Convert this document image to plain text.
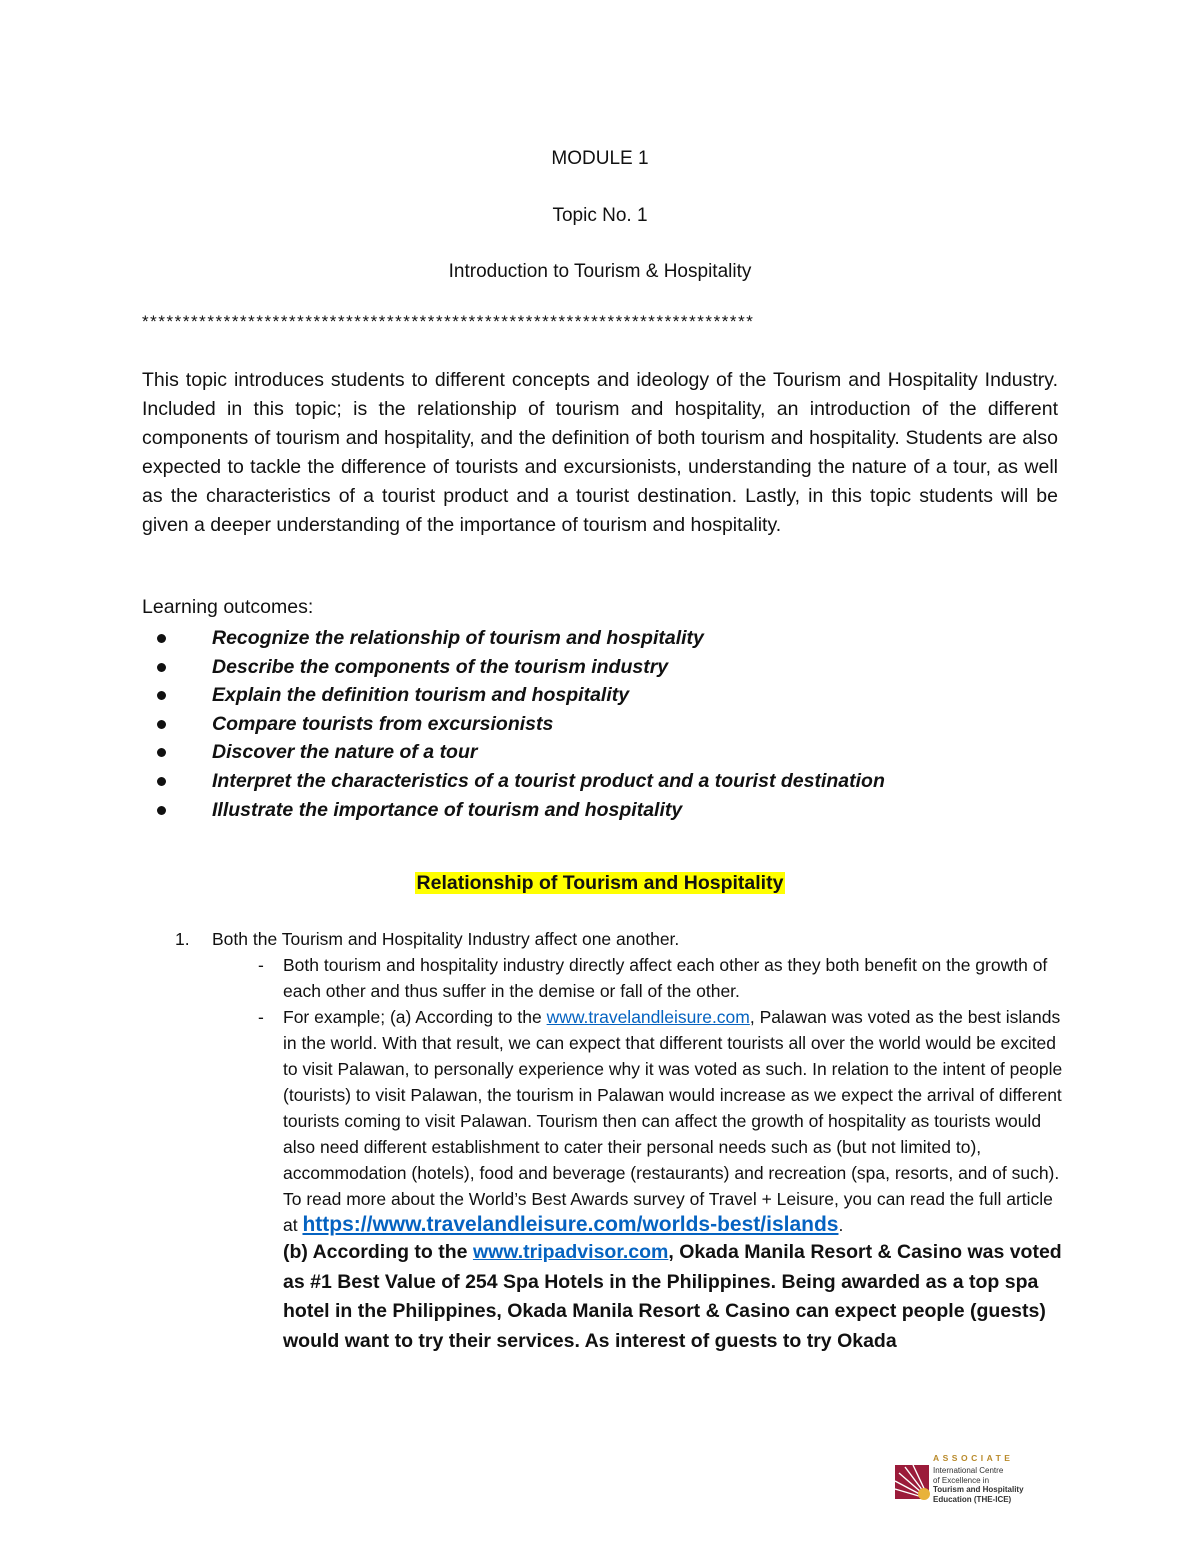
MODULE 1
Topic No. 1
Introduction to Tourism & Hospitality
***************************************************************************
This topic introduces students to different concepts and ideology of the Tourism and Hospitality Industry. Included in this topic; is the relationship of tourism and hospitality, an introduction of the different components of tourism and hospitality, and the definition of both tourism and hospitality. Students are also expected to tackle the difference of tourists and excursionists, understanding the nature of a tour, as well as the characteristics of a tourist product and a tourist destination. Lastly, in this topic students will be given a deeper understanding of the importance of tourism and hospitality.
Learning outcomes:
Recognize the relationship of tourism and hospitality
Describe the components of the tourism industry
Explain the definition tourism and hospitality
Compare tourists from excursionists
Discover the nature of a tour
Interpret the characteristics of a tourist product and a tourist destination
Illustrate the importance of tourism and hospitality
Relationship of Tourism and Hospitality
1. Both the Tourism and Hospitality Industry affect one another.
- Both tourism and hospitality industry directly affect each other as they both benefit on the growth of each other and thus suffer in the demise or fall of the other.
- For example; (a) According to the www.travelandleisure.com, Palawan was voted as the best islands in the world. With that result, we can expect that different tourists all over the world would be excited to visit Palawan, to personally experience why it was voted as such. In relation to the intent of people (tourists) to visit Palawan, the tourism in Palawan would increase as we expect the arrival of different tourists coming to visit Palawan. Tourism then can affect the growth of hospitality as tourists would also need different establishment to cater their personal needs such as (but not limited to), accommodation (hotels), food and beverage (restaurants) and recreation (spa, resorts, and of such). To read more about the World’s Best Awards survey of Travel + Leisure, you can read the full article at https://www.travelandleisure.com/worlds-best/islands.
(b) According to the www.tripadvisor.com, Okada Manila Resort & Casino was voted as #1 Best Value of 254 Spa Hotels in the Philippines. Being awarded as a top spa hotel in the Philippines, Okada Manila Resort & Casino can expect people (guests) would want to try their services. As interest of guests to try Okada
ASSOCIATE
International Centre
of Excellence in
Tourism and Hospitality
Education (THE-ICE)
